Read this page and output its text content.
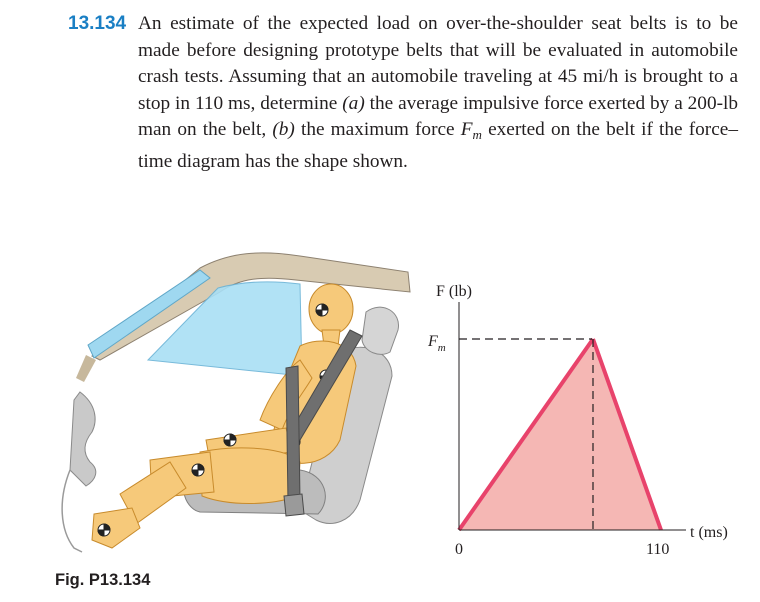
13.134 An estimate of the expected load on over-the-shoulder seat belts is to be made before designing prototype belts that will be evaluated in automobile crash tests. Assuming that an automobile traveling at 45 mi/h is brought to a stop in 110 ms, determine (a) the average impulsive force exerted by a 200-lb man on the belt, (b) the maximum force $F_m$ exerted on the belt if the force–time diagram has the shape shown.
F (lb)
$F_m$
0	110
t (ms)
Fig. P13.134
